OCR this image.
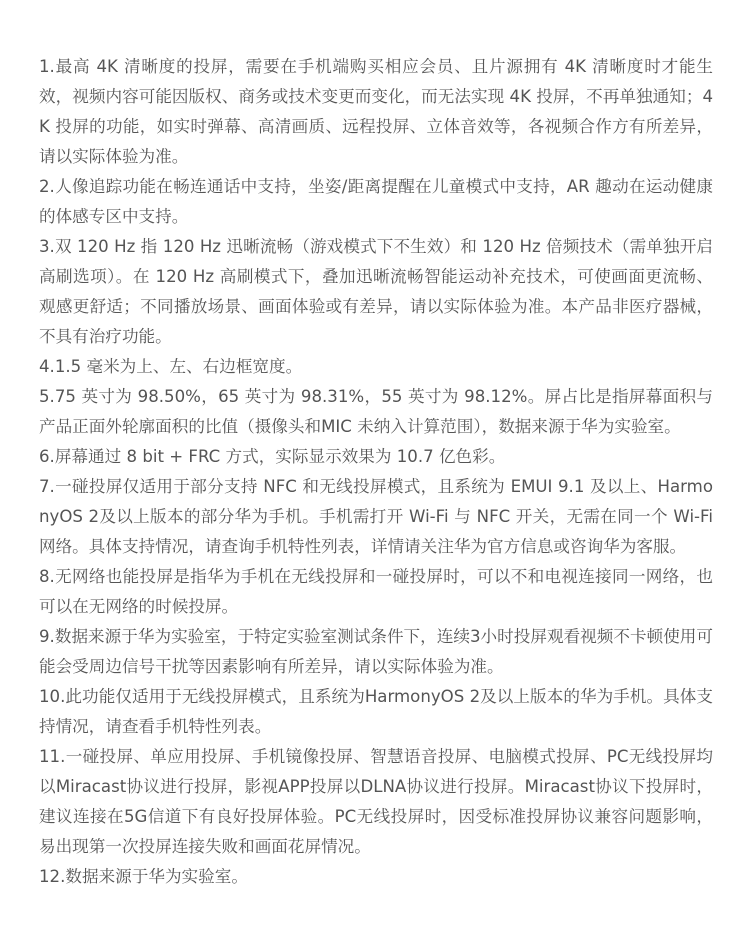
1.最高 4K 清晰度的投屏，需要在手机端购买相应会员、且片源拥有 4K 清晰度时才能生效，视频内容可能因版权、商务或技术变更而变化，而无法实现 4K 投屏，不再单独通知；4K 投屏的功能，如实时弹幕、高清画质、远程投屏、立体音效等，各视频合作方有所差异，请以实际体验为准。

2.人像追踪功能在畅连通话中支持，坐姿/距离提醒在儿童模式中支持，AR 趣动在运动健康的体感专区中支持。

3.双 120 Hz 指 120 Hz 迅晰流畅（游戏模式下不生效）和 120 Hz 倍频技术（需单独开启高刷选项）。在 120 Hz 高刷模式下，叠加迅晰流畅智能运动补充技术，可使画面更流畅、观感更舒适；不同播放场景、画面体验或有差异，请以实际体验为准。本产品非医疗器械，不具有治疗功能。

4.1.5 毫米为上、左、右边框宽度。

5.75 英寸为 98.50%，65 英寸为 98.31%，55 英寸为 98.12%。屏占比是指屏幕面积与产品正面外轮廓面积的比值（摄像头和MIC 未纳入计算范围），数据来源于华为实验室。

6.屏幕通过 8 bit + FRC 方式，实际显示效果为 10.7 亿色彩。

7.一碰投屏仅适用于部分支持 NFC 和无线投屏模式，且系统为 EMUI 9.1 及以上、HarmonyOS 2及以上版本的部分华为手机。手机需打开 Wi-Fi 与 NFC 开关，无需在同一个 Wi-Fi 网络。具体支持情况，请查询手机特性列表，详情请关注华为官方信息或咨询华为客服。

8.无网络也能投屏是指华为手机在无线投屏和一碰投屏时，可以不和电视连接同一网络，也可以在无网络的时候投屏。

9.数据来源于华为实验室，于特定实验室测试条件下，连续3小时投屏观看视频不卡顿使用可能会受周边信号干扰等因素影响有所差异，请以实际体验为准。

10.此功能仅适用于无线投屏模式，且系统为HarmonyOS 2及以上版本的华为手机。具体支持情况，请查看手机特性列表。

11.一碰投屏、单应用投屏、手机镜像投屏、智慧语音投屏、电脑模式投屏、PC无线投屏均以Miracast协议进行投屏，影视APP投屏以DLNA协议进行投屏。Miracast协议下投屏时，建议连接在5G信道下有良好投屏体验。PC无线投屏时，因受标准投屏协议兼容问题影响，易出现第一次投屏连接失败和画面花屏情况。

12.数据来源于华为实验室。
